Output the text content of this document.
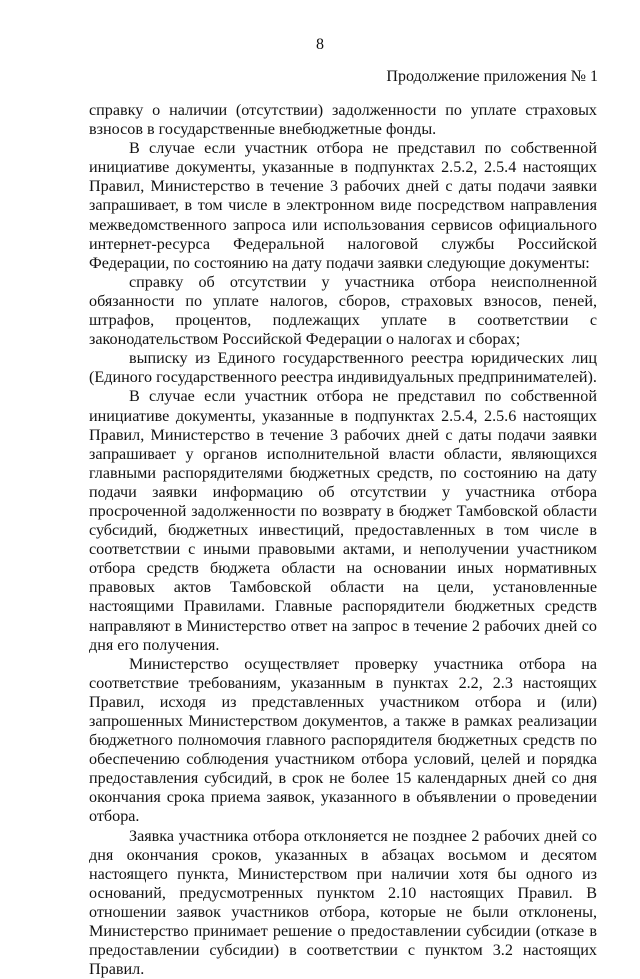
8
Продолжение приложения № 1

справку о наличии (отсутствии) задолженности по уплате страховых взносов в государственные внебюджетные фонды.

В случае если участник отбора не представил по собственной инициативе документы, указанные в подпунктах 2.5.2, 2.5.4 настоящих Правил, Министерство в течение 3 рабочих дней с даты подачи заявки запрашивает, в том числе в электронном виде посредством направления межведомственного запроса или использования сервисов официального интернет-ресурса Федеральной налоговой службы Российской Федерации, по состоянию на дату подачи заявки следующие документы:

справку об отсутствии у участника отбора неисполненной обязанности по уплате налогов, сборов, страховых взносов, пеней, штрафов, процентов, подлежащих уплате в соответствии с законодательством Российской Федерации о налогах и сборах;

выписку из Единого государственного реестра юридических лиц (Единого государственного реестра индивидуальных предпринимателей).

В случае если участник отбора не представил по собственной инициативе документы, указанные в подпунктах 2.5.4, 2.5.6 настоящих Правил, Министерство в течение 3 рабочих дней с даты подачи заявки запрашивает у органов исполнительной власти области, являющихся главными распорядителями бюджетных средств, по состоянию на дату подачи заявки информацию об отсутствии у участника отбора просроченной задолженности по возврату в бюджет Тамбовской области субсидий, бюджетных инвестиций, предоставленных в том числе в соответствии с иными правовыми актами, и неполучении участником отбора средств бюджета области на основании иных нормативных правовых актов Тамбовской области на цели, установленные настоящими Правилами. Главные распорядители бюджетных средств направляют в Министерство ответ на запрос в течение 2 рабочих дней со дня его получения.

Министерство осуществляет проверку участника отбора на соответствие требованиям, указанным в пунктах 2.2, 2.3 настоящих Правил, исходя из представленных участником отбора и (или) запрошенных Министерством документов, а также в рамках реализации бюджетного полномочия главного распорядителя бюджетных средств по обеспечению соблюдения участником отбора условий, целей и порядка предоставления субсидий, в срок не более 15 календарных дней со дня окончания срока приема заявок, указанного в объявлении о проведении отбора.

Заявка участника отбора отклоняется не позднее 2 рабочих дней со дня окончания сроков, указанных в абзацах восьмом и десятом настоящего пункта, Министерством при наличии хотя бы одного из оснований, предусмотренных пунктом 2.10 настоящих Правил. В отношении заявок участников отбора, которые не были отклонены, Министерство принимает решение о предоставлении субсидии (отказе в предоставлении субсидии) в соответствии с пунктом 3.2 настоящих Правил.
